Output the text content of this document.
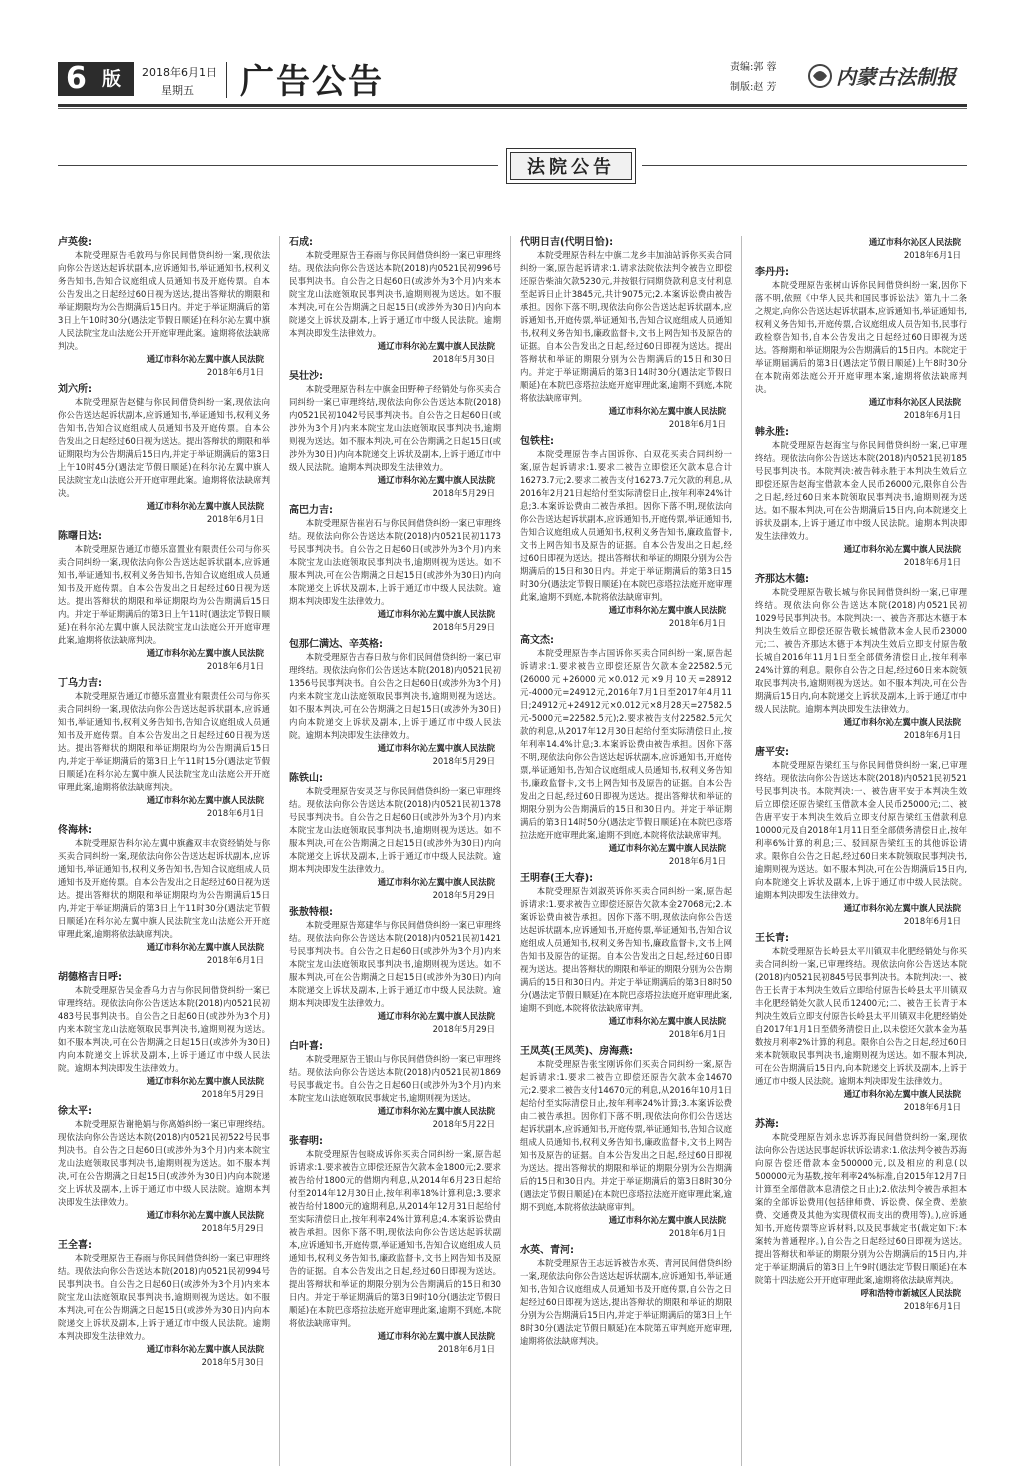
6 版 2018年6月1日
星期五 广告公告	责编:郭 蓉
制版:赵 芳	内蒙古法制报
法院公告
卢英俊:

本院受理原告毛敦玛与你民间借贷纠纷一案,现依法向你公告送达起诉状副本,应诉通知书,举证通知书,权利义务告知书,告知合议庭组成人员通知书及开庭传票。自本公告发出之日起经过60日视为送达,提出答辩状的期限和举证期限均为公告期满后15日内。并定于举证期满后的第3日上午10时30分(遇法定节假日顺延)在科尔沁左翼中旗人民法院宝龙山法庭公开开庭审理此案。逾期将依法缺席判决。

通辽市科尔沁左翼中旗人民法院
2018年6月1日
刘六所:

本院受理原告赵健与你民间借贷纠纷一案,现依法向你公告送达起诉状副本,应诉通知书,举证通知书,权利义务告知书,告知合议庭组成人员通知书及开庭传票。自本公告发出之日起经过60日视为送达。提出答辩状的期限和举证期限均为公告期满后15日内,并定于举证期满后的第3日上午10时45分(遇法定节假日顺延)在科尔沁左翼中旗人民法院宝龙山法庭公开开庭审理此案。逾期将依法缺席判决。

通辽市科尔沁左翼中旗人民法院
2018年6月1日
陈曙日达:

本院受理原告通辽市德乐富置业有限责任公司与你买卖合同纠纷一案,现依法向你公告送达起诉状副本,应诉通知书,举证通知书,权利义务告知书,告知合议庭组成人员通知书及开庭传票。自本公告发出之日起经过60日视为送达。提出答辩状的期限和举证期限均为公告期满后15日内。并定于举证期满后的第3日上午11时(遇法定节假日顺延)在科尔沁左翼中旗人民法院宝龙山法庭公开开庭审理此案,逾期将依法缺席判决。

通辽市科尔沁左翼中旗人民法院
2018年6月1日
丁乌力吉:

本院受理原告通辽市德乐富置业有限责任公司与你买卖合同纠纷一案,现依法向你公告送达起诉状副本,应诉通知书,举证通知书,权利义务告知书,告知合议庭组成人员通知书及开庭传票。自本公告发出之日起经过60日视为送达。提出答辩状的期限和举证期限均为公告期满后15日内,并定于举证期满后的第3日上午11时15分(遇法定节假日顺延)在科尔沁左翼中旗人民法院宝龙山法庭公开开庭审理此案,逾期将依法缺席判决。

通辽市科尔沁左翼中旗人民法院
2018年6月1日
佟海林:

本院受理原告科尔沁左翼中旗鑫双丰农资经销处与你买卖合同纠纷一案,现依法向你公告送达起诉状副本,应诉通知书,举证通知书,权利义务告知书,告知合议庭组成人员通知书及开庭传票。自本公告发出之日起经过60日视为送达。提出答辩状的期限和举证期限均为公告期满后15日内,并定于举证期满后的第3日上午11时30分(遇法定节假日顺延)在科尔沁左翼中旗人民法院宝龙山法庭公开开庭审理此案,逾期将依法缺席判决。

通辽市科尔沁左翼中旗人民法院
2018年6月1日
胡德格吉日呼:

本院受理原告吴金香乌力吉与你民间借贷纠纷一案已审理终结。现依法向你公告送达本院(2018)内0521民初483号民事判决书。自公告之日起60日(或涉外为3个月)内来本院宝龙山法庭领取民事判决书,逾期则视为送达。如不服本判决,可在公告期满之日起15日(或涉外为30日)内向本院递交上诉状及副本,上诉于通辽市中级人民法院。逾期本判决即发生法律效力。

通辽市科尔沁左翼中旗人民法院
2018年5月29日
徐太平:

本院受理原告谢艳娟与你离婚纠纷一案已审理终结。现依法向你公告送达本院(2018)内0521民初522号民事判决书。自公告之日起60日(或涉外为3个月)内来本院宝龙山法庭领取民事判决书,逾期则视为送达。如不服本判决,可在公告期满之日起15日(或涉外为30日)内向本院递交上诉状及副本,上诉于通辽市中级人民法院。逾期本判决即发生法律效力。

通辽市科尔沁左翼中旗人民法院
2018年5月29日
王全喜:

本院受理原告王春雨与你民间借贷纠纷一案已审理终结。现依法向你公告送达本院(2018)内0521民初994号民事判决书。自公告之日起60日(或涉外为3个月)内来本院宝龙山法庭领取民事判决书,逾期则视为送达。如不服本判决,可在公告期满之日起15日(或涉外为30日)内向本院递交上诉状及副本,上诉于通辽市中级人民法院。逾期本判决即发生法律效力。

通辽市科尔沁左翼中旗人民法院
2018年5月30日
石成:

本院受理原告王春雨与你民间借贷纠纷一案已审理终结。现依法向你公告送达本院(2018)内0521民初996号民事判决书。自公告之日起60日(或涉外为3个月)内来本院宝龙山法庭领取民事判决书,逾期则视为送达。如不服本判决,可在公告期满之日起15日(或涉外为30日)内向本院递交上诉状及副本,上诉于通辽市中级人民法院。逾期本判决即发生法律效力。

通辽市科尔沁左翼中旗人民法院
2018年5月30日
吴壮沙:

本院受理原告科左中旗金田野种子经销处与你买卖合同纠纷一案已审理终结,现依法向你公告送达本院(2018)内0521民初1042号民事判决书。自公告之日起60日(或涉外为3个月)内来本院宝龙山法庭领取民事判决书,逾期则视为送达。如不服本判决,可在公告期满之日起15日(或涉外为30日)内向本院递交上诉状及副本,上诉于通辽市中级人民法院。逾期本判决即发生法律效力。

通辽市科尔沁左翼中旗人民法院
2018年5月29日
高巴力吉:

本院受理原告崔岩石与你民间借贷纠纷一案已审理终结。现依法向你公告送达本院(2018)内0521民初1173号民事判决书。自公告之日起60日(或涉外为3个月)内来本院宝龙山法庭领取民事判决书,逾期则视为送达。如不服本判决,可在公告期满之日起15日(或涉外为30日)内向本院递交上诉状及副本,上诉于通辽市中级人民法院。逾期本判决即发生法律效力。

通辽市科尔沁左翼中旗人民法院
2018年5月29日
包那仁满达、辛英格:

本院受理原告吉春日敖与你们民间借贷纠纷一案已审理终结。现依法向你们公告送达本院(2018)内0521民初1356号民事判决书。自公告之日起60日(或涉外为3个月)内来本院宝龙山法庭领取民事判决书,逾期则视为送达。如不服本判决,可在公告期满之日起15日(或涉外为30日)内向本院递交上诉状及副本,上诉于通辽市中级人民法院。逾期本判决即发生法律效力。

通辽市科尔沁左翼中旗人民法院
2018年5月29日
陈铁山:

本院受理原告安灵芝与你民间借贷纠纷一案已审理终结。现依法向你公告送达本院(2018)内0521民初1378号民事判决书。自公告之日起60日(或涉外为3个月)内来本院宝龙山法庭领取民事判决书,逾期则视为送达。如不服本判决,可在公告期满之日起15日(或涉外为30日)内向本院递交上诉状及副本,上诉于通辽市中级人民法院。逾期本判决即发生法律效力。

通辽市科尔沁左翼中旗人民法院
2018年5月29日
张敖特根:

本院受理原告郑建华与你民间借贷纠纷一案已审理终结。现依法向你公告送达本院(2018)内0521民初1421号民事判决书。自公告之日起60日(或涉外为3个月)内来本院宝龙山法庭领取民事判决书,逾期则视为送达。如不服本判决,可在公告期满之日起15日(或涉外为30日)内向本院递交上诉状及副本,上诉于通辽市中级人民法院。逾期本判决即发生法律效力。

通辽市科尔沁左翼中旗人民法院
2018年5月29日
白叶喜:

本院受理原告王银山与你民间借贷纠纷一案已审理终结。现依法向你公告送达本院(2018)内0521民初1869号民事裁定书。自公告之日起60日(或涉外为3个月)内来本院宝龙山法庭领取民事裁定书,逾期则视为送达。

通辽市科尔沁左翼中旗人民法院
2018年5月22日
张春明:

本院受理原告包晓成诉你买卖合同纠纷一案,原告起诉请求:1.要求被告立即偿还原告欠款本金1800元;2.要求被告给付1800元的借期内利息,从2014年6月23日起给付至2014年12月30日止,按年利率18%计算利息;3.要求被告给付1800元的逾期利息,从2014年12月31日起给付至实际清偿日止,按年利率24%计算利息;4.本案诉讼费由被告承担。因你下落不明,现依法向你公告送达起诉状副本,应诉通知书,开庭传票,举证通知书,告知合议庭组成人员通知书,权利义务告知书,廉政监督卡,文书上网告知书及原告的证据。自本公告发出之日起,经过60日即视为送达。提出答辩状和举证的期限分别为公告期满后的15日和30日内。并定于举证期满后的第3日9时10分(遇法定节假日顺延)在本院巴彦塔拉法庭开庭审理此案,逾期不到庭,本院将依法缺席审判。

通辽市科尔沁左翼中旗人民法院
2018年6月1日
代明日吉(代明日恰):

本院受理原告科左中旗二龙乡丰加油站诉你买卖合同纠纷一案,原告起诉请求:1.请求法院依法判令被告立即偿还原告柴油欠款5230元,并按银行同期贷款利息支付利息至起诉日止计3845元,共计9075元;2.本案诉讼费由被告承担。因你下落不明,现依法向你公告送达起诉状副本,应诉通知书,开庭传票,举证通知书,告知合议庭组成人员通知书,权利义务告知书,廉政监督卡,文书上网告知书及原告的证据。自本公告发出之日起,经过60日即视为送达。提出答辩状和举证的期限分别为公告期满后的15日和30日内。并定于举证期满后的第3日14时30分(遇法定节假日顺延)在本院巴彦塔拉法庭开庭审理此案,逾期不到庭,本院将依法缺席审判。

通辽市科尔沁左翼中旗人民法院
2018年6月1日
包铁柱:

本院受理原告李占国诉你、白双花买卖合同纠纷一案,原告起诉请求:1.要求二被告立即偿还欠款本息合计16273.7元;2.要求二被告支付16273.7元欠款的利息,从2016年2月21日起给付至实际清偿日止,按年利率24%计息;3.本案诉讼费由二被告承担。因你下落不明,现依法向你公告送达起诉状副本,应诉通知书,开庭传票,举证通知书,告知合议庭组成人员通知书,权利义务告知书,廉政监督卡,文书上网告知书及原告的证据。自本公告发出之日起,经过60日即视为送达。提出答辩状和举证的期限分别为公告期满后的15日和30日内。并定于举证期满后的第3日15时30分(遇法定节假日顺延)在本院巴彦塔拉法庭开庭审理此案,逾期不到庭,本院将依法缺席审判。

通辽市科尔沁左翼中旗人民法院
2018年6月1日
高文杰:

本院受理原告李占国诉你买卖合同纠纷一案,原告起诉请求:1.要求被告立即偿还原告欠款本金22582.5元(26000元+26000元×0.012元×9月10天=28912元-4000元=24912元,2016年7月1日至2017年4月11日;24912元+24912元×0.012元×8月28天=27582.5元-5000元=22582.5元);2.要求被告支付22582.5元欠款的利息,从2017年12月30日起给付至实际清偿日止,按年利率14.4%计息;3.本案诉讼费由被告承担。因你下落不明,现依法向你公告送达起诉状副本,应诉通知书,开庭传票,举证通知书,告知合议庭组成人员通知书,权利义务告知书,廉政监督卡,文书上网告知书及原告的证据。自本公告发出之日起,经过60日即视为送达。提出答辩状和举证的期限分别为公告期满后的15日和30日内。并定于举证期满后的第3日14时50分(遇法定节假日顺延)在本院巴彦塔拉法庭开庭审理此案,逾期不到庭,本院将依法缺席审判。

通辽市科尔沁左翼中旗人民法院
2018年6月1日
王明春(王大春):

本院受理原告刘淑英诉你买卖合同纠纷一案,原告起诉请求:1.要求被告立即偿还原告欠款本金27068元;2.本案诉讼费由被告承担。因你下落不明,现依法向你公告送达起诉状副本,应诉通知书,开庭传票,举证通知书,告知合议庭组成人员通知书,权利义务告知书,廉政监督卡,文书上网告知书及原告的证据。自本公告发出之日起,经过60日即视为送达。提出答辩状的期限和举证的期限分别为公告期满后的15日和30日内。并定于举证期满后的第3日8时50分(遇法定节假日顺延)在本院巴彦塔拉法庭开庭审理此案,逾期不到庭,本院将依法缺席审判。

通辽市科尔沁左翼中旗人民法院
2018年6月1日
王凤英(王凤芙)、房海燕:

本院受理原告张宝刚诉你们买卖合同纠纷一案,原告起诉请求:1.要求二被告立即偿还原告欠款本金14670元;2.要求二被告支付14670元的利息,从2016年10月1日起给付至实际清偿日止,按年利率24%计算;3.本案诉讼费由二被告承担。因你们下落不明,现依法向你们公告送达起诉状副本,应诉通知书,开庭传票,举证通知书,告知合议庭组成人员通知书,权利义务告知书,廉政监督卡,文书上网告知书及原告的证据。自本公告发出之日起,经过60日即视为送达。提出答辩状的期限和举证的期限分别为公告期满后的15日和30日内。并定于举证期满后的第3日8时30分(遇法定节假日顺延)在本院巴彦塔拉法庭开庭审理此案,逾期不到庭,本院将依法缺席审判。

通辽市科尔沁左翼中旗人民法院
2018年6月1日
水英、青河:

本院受理原告王志远诉被告水英、青河民间借贷纠纷一案,现依法向你公告送达起诉状副本,应诉通知书,举证通知书,告知合议庭组成人员通知书及开庭传票,自公告之日起经过60日即视为送达,提出答辩状的期限和举证的期限分别为公告期满后15日内,并定于举证期满后的第3日上午8时30分(遇法定节假日顺延)在本院第五审判庭开庭审理,逾期将依法缺席判决。

通辽市科尔沁区人民法院
2018年6月1日
李丹丹:

本院受理原告张树山诉你民间借贷纠纷一案,因你下落不明,依照《中华人民共和国民事诉讼法》第九十二条之规定,向你公告送达起诉状副本,应诉通知书,举证通知书,权利义务告知书,开庭传票,合议庭组成人员告知书,民事行政检察告知书,自本公告发出之日起经过60日即视为送达。答辩期和举证期限为公告期满后的15日内。本院定于举证期届满后的第3日(遇法定节假日顺延)上午8时30分在本院南郊法庭公开开庭审理本案,逾期将依法缺席判决。

通辽市科尔沁区人民法院
2018年6月1日
韩永胜:

本院受理原告赵海宝与你民间借贷纠纷一案,已审理终结。现依法向你公告送达本院(2018)内0521民初185号民事判决书。本院判决:被告韩永胜于本判决生效后立即偿还原告赵海宝借款本金人民币26000元,限你自公告之日起,经过60日来本院领取民事判决书,逾期则视为送达。如不服本判决,可在公告期满后15日内,向本院递交上诉状及副本,上诉于通辽市中级人民法院。逾期本判决即发生法律效力。

通辽市科尔沁左翼中旗人民法院
2018年6月1日
齐那达木德:

本院受理原告敬长城与你民间借贷纠纷一案,已审理终结。现依法向你公告送达本院(2018)内0521民初1029号民事判决书。本院判决:一、被告齐那达木德于本判决生效后立即偿还原告敬长城借款本金人民币23000元;二、被告齐那达木德于本判决生效后立即支付原告敬长城自2016年11月1日至全部债务清偿日止,按年利率24%计算的利息。限你自公告之日起,经过60日来本院领取民事判决书,逾期则视为送达。如不服本判决,可在公告期满后15日内,向本院递交上诉状及副本,上诉于通辽市中级人民法院。逾期本判决即发生法律效力。

通辽市科尔沁左翼中旗人民法院
2018年6月1日
唐平安:

本院受理原告梁红玉与你民间借贷纠纷一案,已审理终结。现依法向你公告送达本院(2018)内0521民初521号民事判决书。本院判决:一、被告唐平安于本判决生效后立即偿还原告梁红玉借款本金人民币25000元;二、被告唐平安于本判决生效后立即支付原告梁红玉借款利息10000元及自2018年1月11日至全部债务清偿日止,按年利率6%计算的利息;三、驳回原告梁红玉的其他诉讼请求。限你自公告之日起,经过60日来本院领取民事判决书,逾期则视为送达。如不服本判决,可在公告期满后15日内,向本院递交上诉状及副本,上诉于通辽市中级人民法院。逾期本判决即发生法律效力。

通辽市科尔沁左翼中旗人民法院
2018年6月1日
王长青:

本院受理原告长岭县太平川镇双丰化肥经销处与你买卖合同纠纷一案,已审理终结。现依法向你公告送达本院(2018)内0521民初845号民事判决书。本院判决:一、被告王长青于本判决生效后立即给付原告长岭县太平川镇双丰化肥经销处欠款人民币12400元;二、被告王长青于本判决生效后立即支付原告长岭县太平川镇双丰化肥经销处自2017年1月1日至债务清偿日止,以未偿还欠款本金为基数按月利率2%计算的利息。限你自公告之日起,经过60日来本院领取民事判决书,逾期则视为送达。如不服本判决,可在公告期满后15日内,向本院递交上诉状及副本,上诉于通辽市中级人民法院。逾期本判决即发生法律效力。

通辽市科尔沁左翼中旗人民法院
2018年6月1日
苏海:

本院受理原告刘永忠诉苏海民间借贷纠纷一案,现依法向你公告送达民事起诉状诉讼请求:1.依法判令被告苏海向原告偿还借款本金500000元,以及相应的利息(以500000元为基数,按年利率24%标准,自2015年12月7日计算至全部借款本息清偿之日止);2.依法判令被告承担本案的全部诉讼费用(包括律师费、诉讼费、保全费、差旅费、交通费及其他为实现债权而支出的费用等)。),应诉通知书,开庭传票等应诉材料,以及民事裁定书(裁定如下:本案转为普通程序。),自公告之日起经过60日即视为送达。提出答辩状和举证的期限分别为公告期满后的15日内,并定于举证期满后的第3日上午9时(遇法定节假日顺延)在本院第十四法庭公开开庭审理此案,逾期将依法缺席判决。

呼和浩特市新城区人民法院
2018年6月1日
